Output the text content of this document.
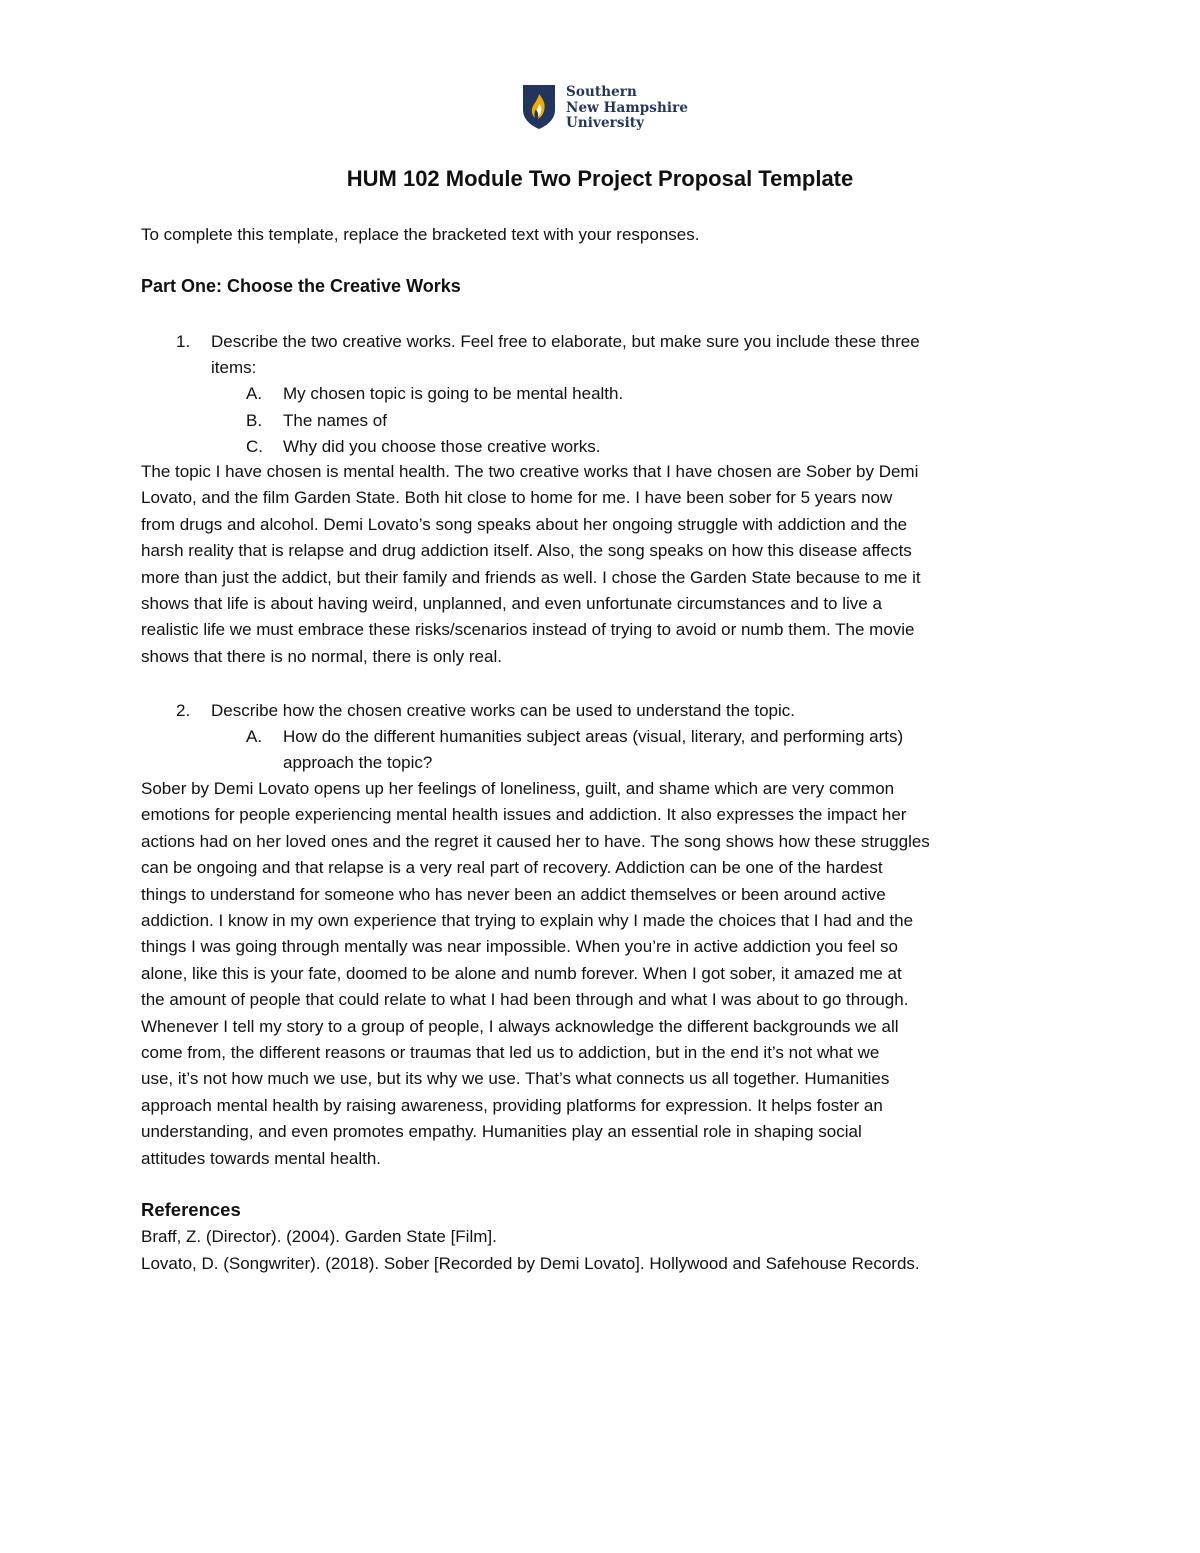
Southern
New Hampshire
University
HUM 102 Module Two Project Proposal Template
To complete this template, replace the bracketed text with your responses.
Part One: Choose the Creative Works
1. Describe the two creative works. Feel free to elaborate, but make sure you include these three
items:
A. My chosen topic is going to be mental health.
B. The names of
C. Why did you choose those creative works.
The topic I have chosen is mental health. The two creative works that I have chosen are Sober by Demi
Lovato, and the film Garden State. Both hit close to home for me. I have been sober for 5 years now
from drugs and alcohol. Demi Lovato’s song speaks about her ongoing struggle with addiction and the
harsh reality that is relapse and drug addiction itself. Also, the song speaks on how this disease affects
more than just the addict, but their family and friends as well. I chose the Garden State because to me it
shows that life is about having weird, unplanned, and even unfortunate circumstances and to live a
realistic life we must embrace these risks/scenarios instead of trying to avoid or numb them. The movie
shows that there is no normal, there is only real.
2. Describe how the chosen creative works can be used to understand the topic.
A. How do the different humanities subject areas (visual, literary, and performing arts)
approach the topic?
Sober by Demi Lovato opens up her feelings of loneliness, guilt, and shame which are very common
emotions for people experiencing mental health issues and addiction. It also expresses the impact her
actions had on her loved ones and the regret it caused her to have. The song shows how these struggles
can be ongoing and that relapse is a very real part of recovery. Addiction can be one of the hardest
things to understand for someone who has never been an addict themselves or been around active
addiction. I know in my own experience that trying to explain why I made the choices that I had and the
things I was going through mentally was near impossible. When you’re in active addiction you feel so
alone, like this is your fate, doomed to be alone and numb forever. When I got sober, it amazed me at
the amount of people that could relate to what I had been through and what I was about to go through.
Whenever I tell my story to a group of people, I always acknowledge the different backgrounds we all
come from, the different reasons or traumas that led us to addiction, but in the end it’s not what we
use, it’s not how much we use, but its why we use. That’s what connects us all together. Humanities
approach mental health by raising awareness, providing platforms for expression. It helps foster an
understanding, and even promotes empathy. Humanities play an essential role in shaping social
attitudes towards mental health.
References
Braff, Z. (Director). (2004). Garden State [Film].
Lovato, D. (Songwriter). (2018). Sober [Recorded by Demi Lovato]. Hollywood and Safehouse Records.
